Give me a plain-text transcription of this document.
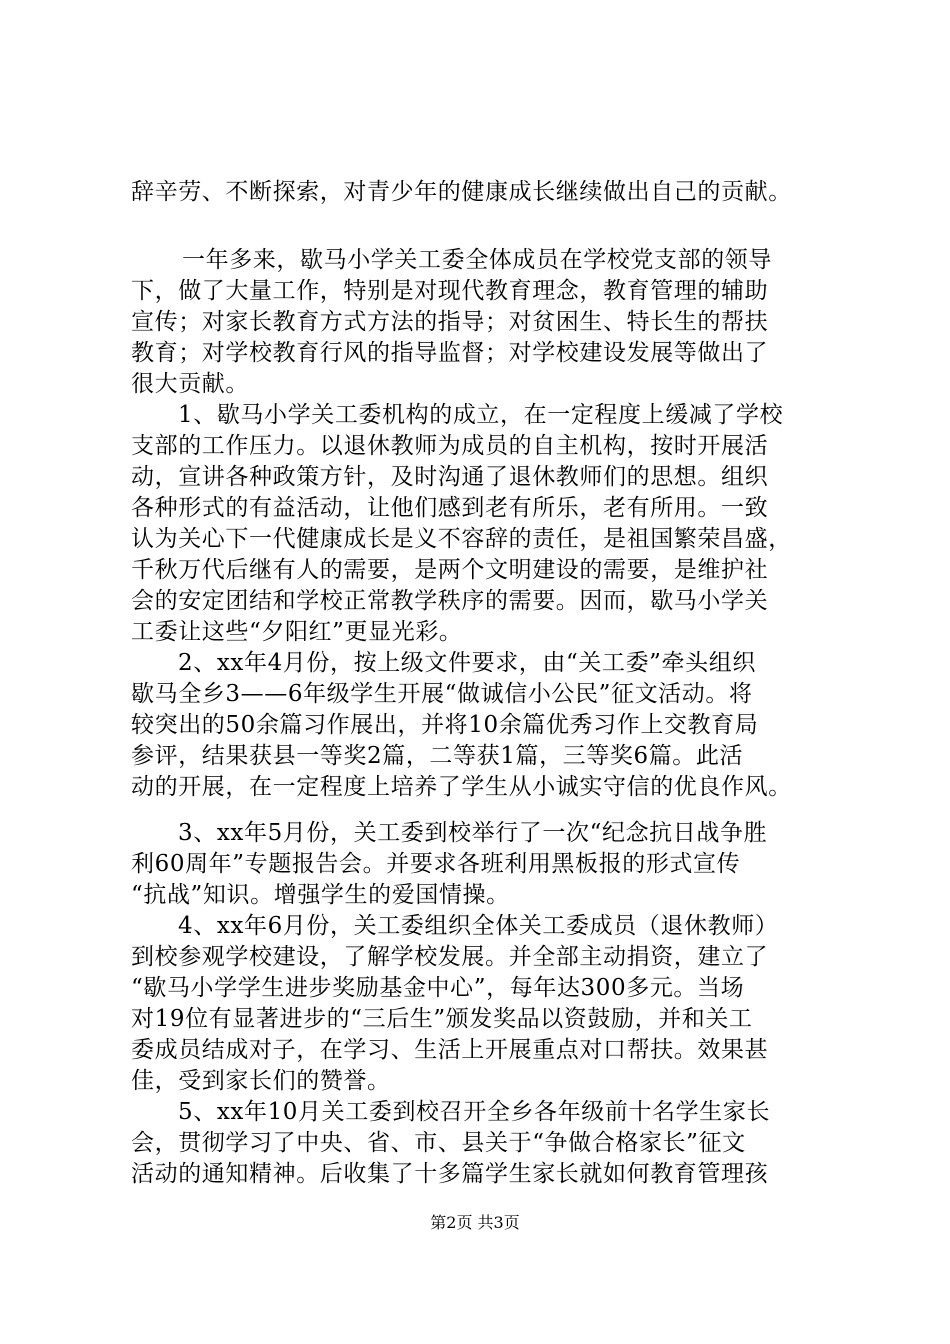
辞辛劳、不断探索，对青少年的健康成长继续做出自己的贡献。
一年多来，歇马小学关工委全体成员在学校党支部的领导
下，做了大量工作，特别是对现代教育理念，教育管理的辅助
宣传；对家长教育方式方法的指导；对贫困生、特长生的帮扶
教育；对学校教育行风的指导监督；对学校建设发展等做出了
很大贡献。
1、歇马小学关工委机构的成立，在一定程度上缓减了学校
支部的工作压力。以退休教师为成员的自主机构，按时开展活
动，宣讲各种政策方针，及时沟通了退休教师们的思想。组织
各种形式的有益活动，让他们感到老有所乐，老有所用。一致
认为关心下一代健康成长是义不容辞的责任，是祖国繁荣昌盛，
千秋万代后继有人的需要，是两个文明建设的需要，是维护社
会的安定团结和学校正常教学秩序的需要。因而，歇马小学关
工委让这些“夕阳红”更显光彩。
2、xx年4月份，按上级文件要求，由“关工委”牵头组织
歇马全乡3——6年级学生开展“做诚信小公民”征文活动。将
较突出的50余篇习作展出，并将10余篇优秀习作上交教育局
参评，结果获县一等奖2篇，二等获1篇，三等奖6篇。此活
动的开展，在一定程度上培养了学生从小诚实守信的优良作风。
3、xx年5月份，关工委到校举行了一次“纪念抗日战争胜
利60周年”专题报告会。并要求各班利用黑板报的形式宣传
“抗战”知识。增强学生的爱国情操。
4、xx年6月份，关工委组织全体关工委成员（退休教师）
到校参观学校建设，了解学校发展。并全部主动捐资，建立了
“歇马小学学生进步奖励基金中心”，每年达300多元。当场
对19位有显著进步的“三后生”颁发奖品以资鼓励，并和关工
委成员结成对子，在学习、生活上开展重点对口帮扶。效果甚
佳，受到家长们的赞誉。
5、xx年10月关工委到校召开全乡各年级前十名学生家长
会，贯彻学习了中央、省、市、县关于“争做合格家长”征文
活动的通知精神。后收集了十多篇学生家长就如何教育管理孩
第2页 共3页
